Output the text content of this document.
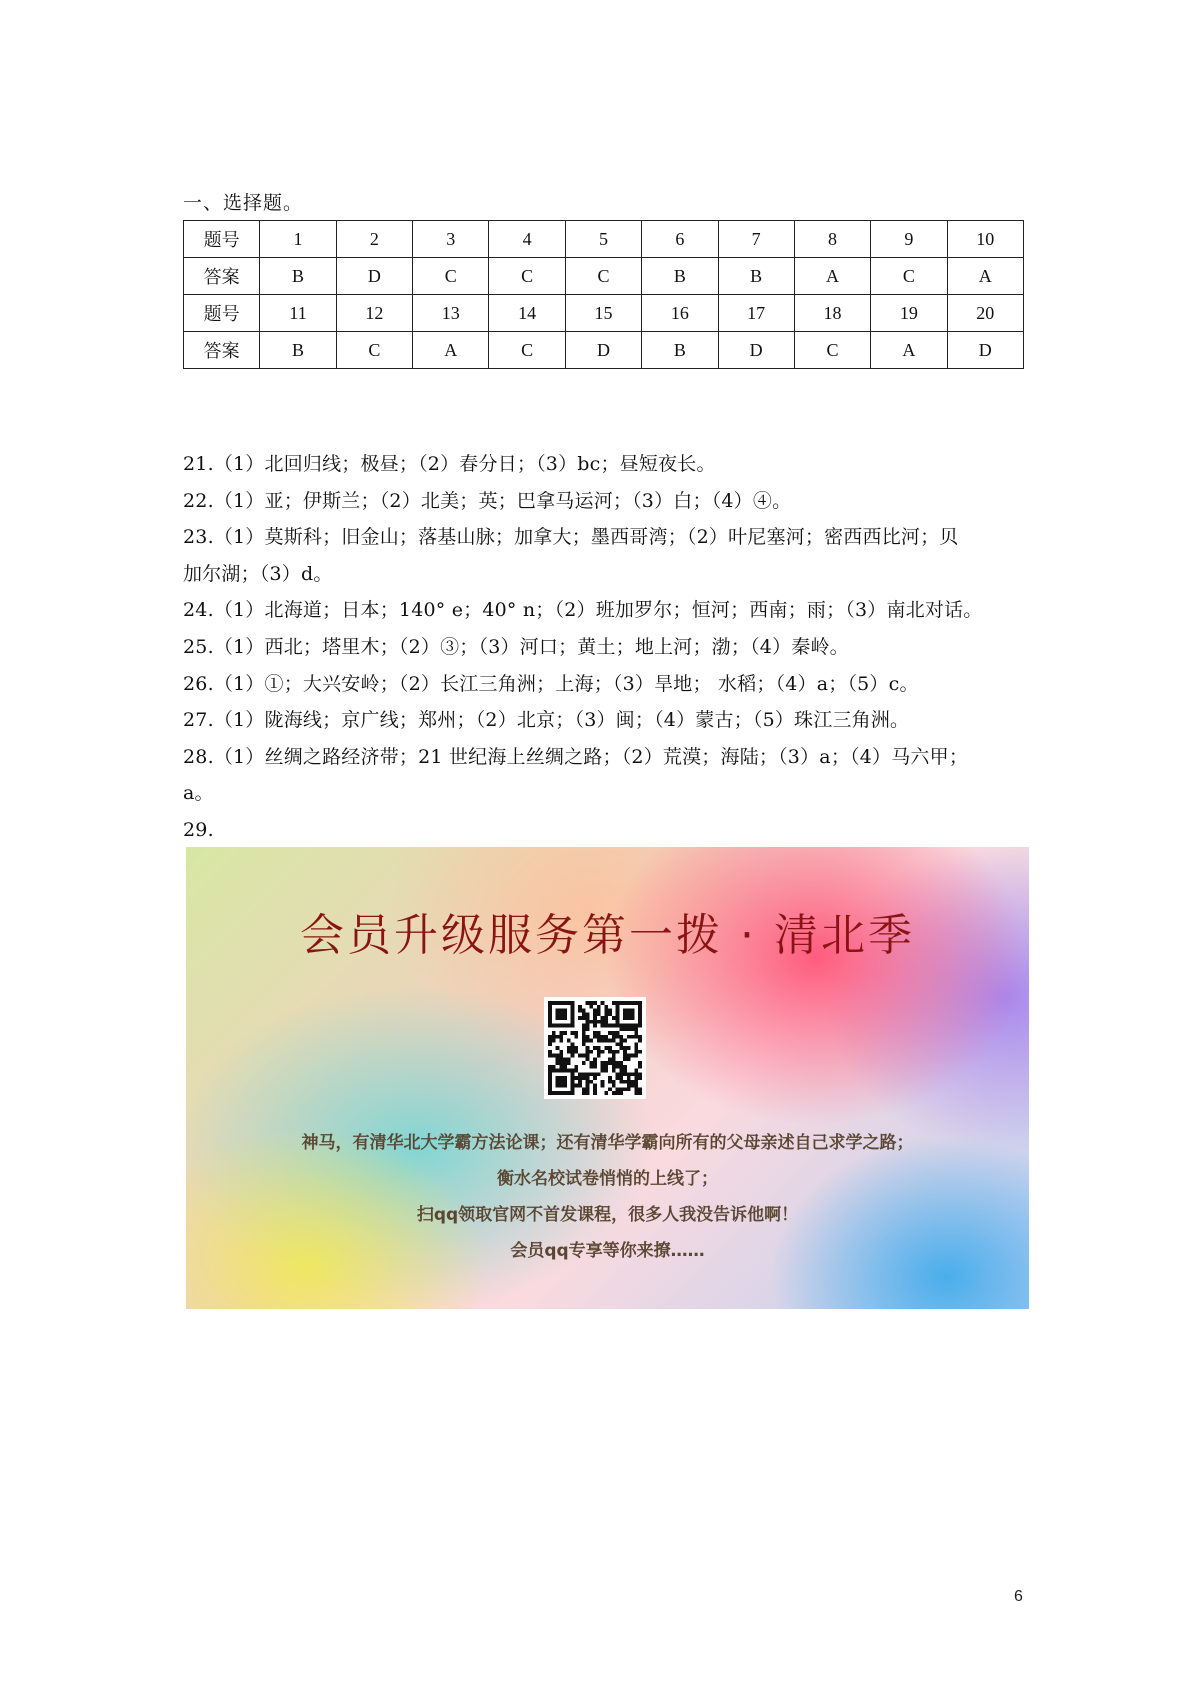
一、选择题。
题号	1	2	3	4	5	6	7	8	9	10
答案	B	D	C	C	C	B	B	A	C	A
题号	11	12	13	14	15	16	17	18	19	20
答案	B	C	A	C	D	B	D	C	A	D
21.（1）北回归线；极昼；（2）春分日；（3）bc；昼短夜长。
22.（1）亚；伊斯兰；（2）北美；英；巴拿马运河；（3）白；（4）④。
23.（1）莫斯科；旧金山；落基山脉；加拿大；墨西哥湾；（2）叶尼塞河；密西西比河；贝
加尔湖；（3）d。
24.（1）北海道；日本；140° e；40° n；（2）班加罗尔；恒河；西南；雨；（3）南北对话。
25.（1）西北；塔里木；（2）③；（3）河口；黄土；地上河；渤；（4）秦岭。
26.（1）①；大兴安岭；（2）长江三角洲；上海；（3）旱地； 水稻；（4）a；（5）c。
27.（1）陇海线；京广线；郑州；（2）北京；（3）闽；（4）蒙古；（5）珠江三角洲。
28.（1）丝绸之路经济带；21 世纪海上丝绸之路；（2）荒漠；海陆；（3）a；（4）马六甲；
a。
29.
会员升级服务第一拨 · 清北季
神马，有清华北大学霸方法论课；还有清华学霸向所有的父母亲述自己求学之路；
衡水名校试卷悄悄的上线了；
扫qq领取官网不首发课程，很多人我没告诉他啊！
会员qq专享等你来撩……
6
